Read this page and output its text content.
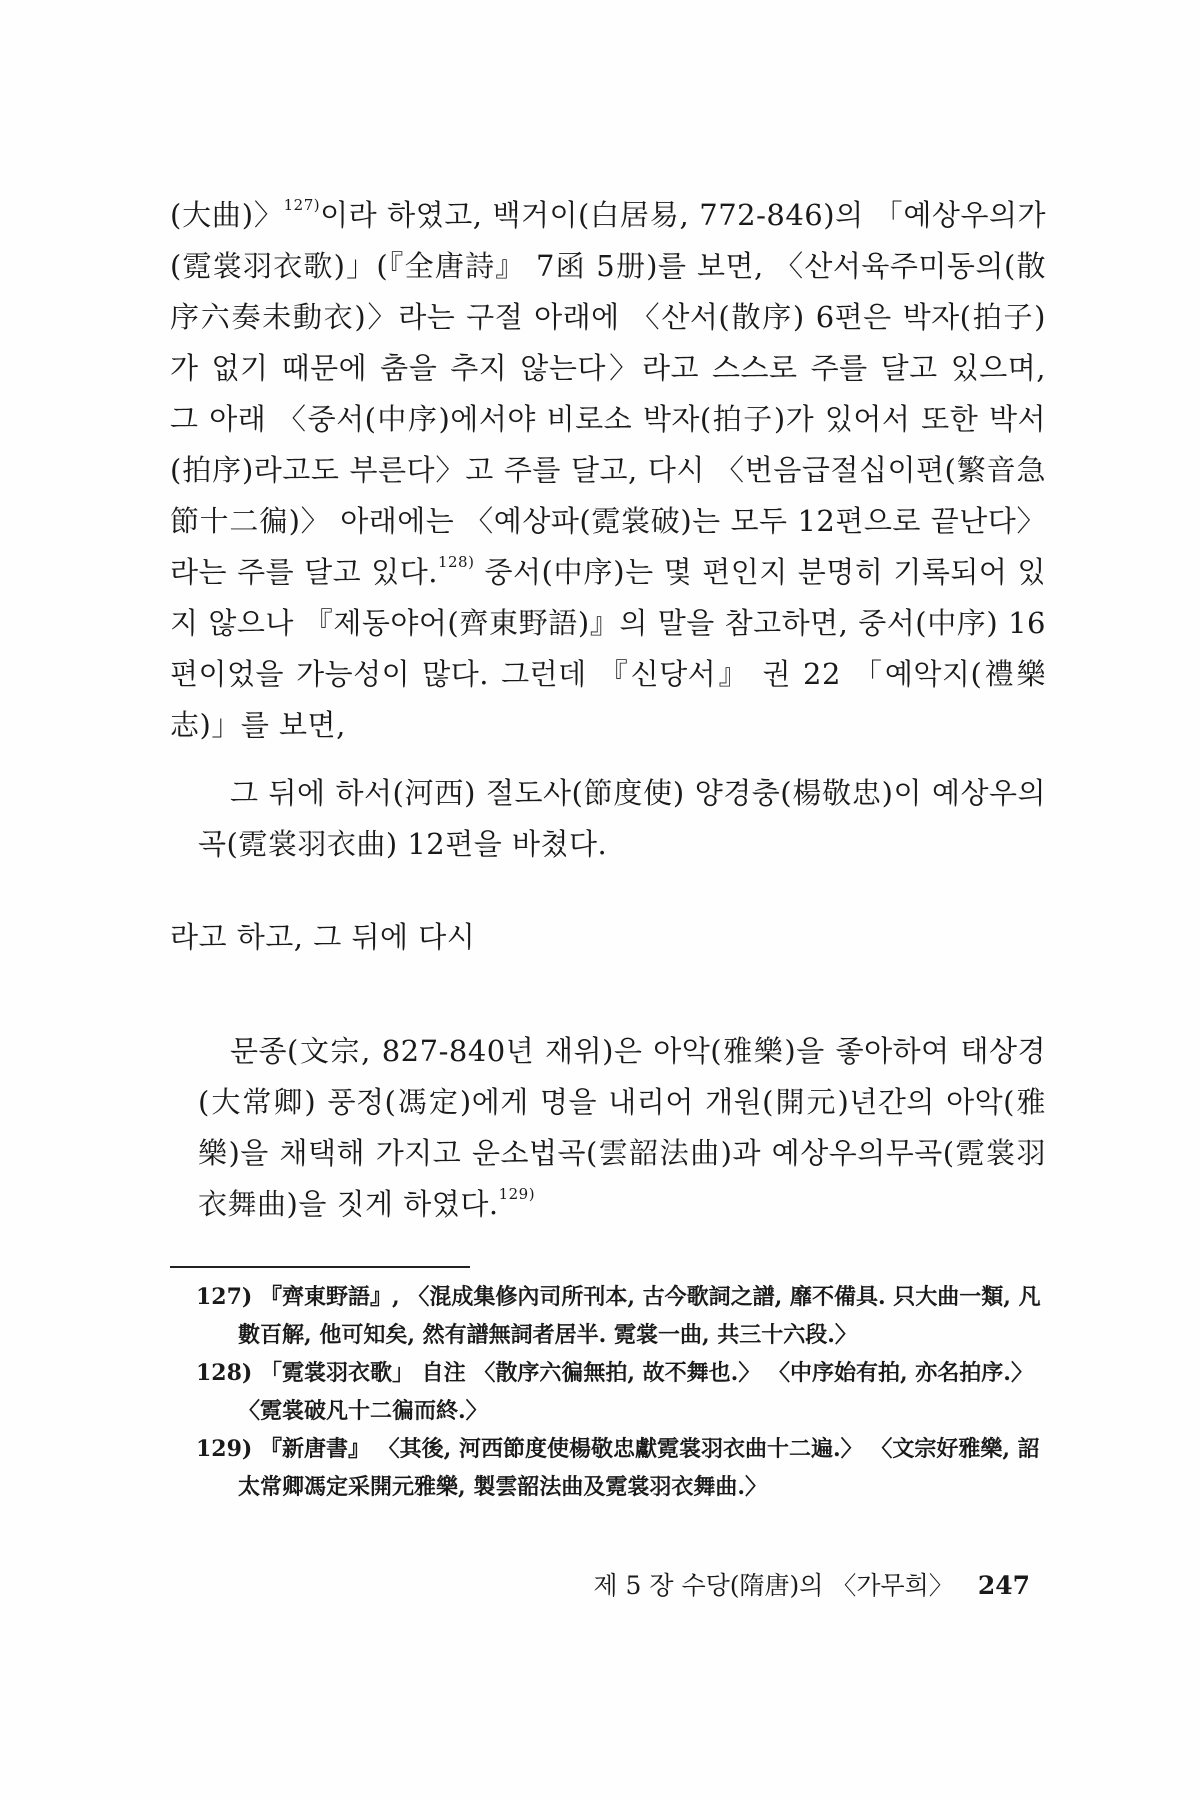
(大曲)〉$^{127)}$이라 하였고, 백거이(白居易, 772-846)의 「예상우의가(霓裳羽衣歌)」(『全唐詩』 7函 5册)를 보면, 〈산서육주미동의(散序六奏未動衣)〉라는 구절 아래에 〈산서(散序) 6편은 박자(拍子)가 없기 때문에 춤을 추지 않는다〉라고 스스로 주를 달고 있으며, 그 아래 〈중서(中序)에서야 비로소 박자(拍子)가 있어서 또한 박서(拍序)라고도 부른다〉고 주를 달고, 다시 〈번음급절십이편(繁音急節十二徧)〉 아래에는 〈예상파(霓裳破)는 모두 12편으로 끝난다〉라는 주를 달고 있다.$^{128)}$ 중서(中序)는 몇 편인지 분명히 기록되어 있지 않으나 『제동야어(齊東野語)』의 말을 참고하면, 중서(中序) 16편이었을 가능성이 많다. 그런데 『신당서』 권 22 「예악지(禮樂志)」를 보면,

그 뒤에 하서(河西) 절도사(節度使) 양경충(楊敬忠)이 예상우의곡(霓裳羽衣曲) 12편을 바쳤다.

라고 하고, 그 뒤에 다시

문종(文宗, 827-840년 재위)은 아악(雅樂)을 좋아하여 태상경(大常卿) 풍정(馮定)에게 명을 내리어 개원(開元)년간의 아악(雅樂)을 채택해 가지고 운소법곡(雲韶法曲)과 예상우의무곡(霓裳羽衣舞曲)을 짓게 하였다.$^{129)}$

127) 『齊東野語』, 〈混成集修內司所刊本, 古今歌詞之譜, 靡不備具. 只大曲一類, 凡數百解, 他可知矣, 然有譜無詞者居半. 霓裳一曲, 共三十六段.〉

128) 「霓裳羽衣歌」 自注 〈散序六徧無拍, 故不舞也.〉 〈中序始有拍, 亦名拍序.〉 〈霓裳破凡十二徧而終.〉

129) 『新唐書』 〈其後, 河西節度使楊敬忠獻霓裳羽衣曲十二遍.〉 〈文宗好雅樂, 詔太常卿馮定采開元雅樂, 製雲韶法曲及霓裳羽衣舞曲.〉

제 5 장 수당(隋唐)의 〈가무희〉 247
